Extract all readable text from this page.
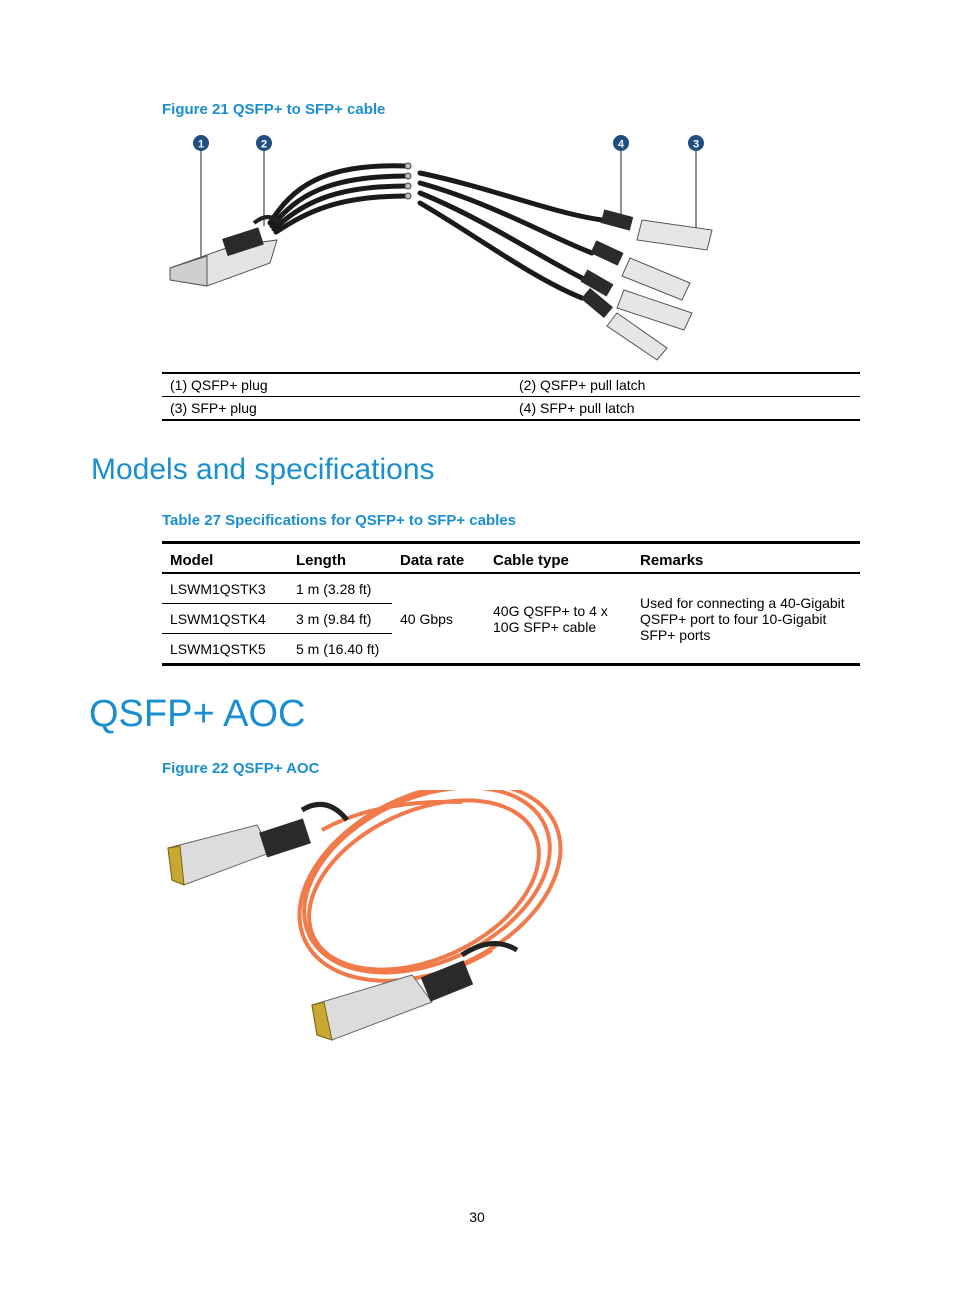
Figure 21 QSFP+ to SFP+ cable
1	2	4	3
(1) QSFP+ plug	(2) QSFP+ pull latch
(3) SFP+ plug	(4) SFP+ pull latch
Models and specifications
Table 27 Specifications for QSFP+ to SFP+ cables
Model	Length	Data rate	Cable type	Remarks
LSWM1QSTK3	1 m (3.28 ft)	40 Gbps	40G QSFP+ to 4 x 10G SFP+ cable	Used for connecting a 40-Gigabit QSFP+ port to four 10-Gigabit SFP+ ports
LSWM1QSTK4	3 m (9.84 ft)			
LSWM1QSTK5	5 m (16.40 ft)			
QSFP+ AOC
Figure 22 QSFP+ AOC
30
